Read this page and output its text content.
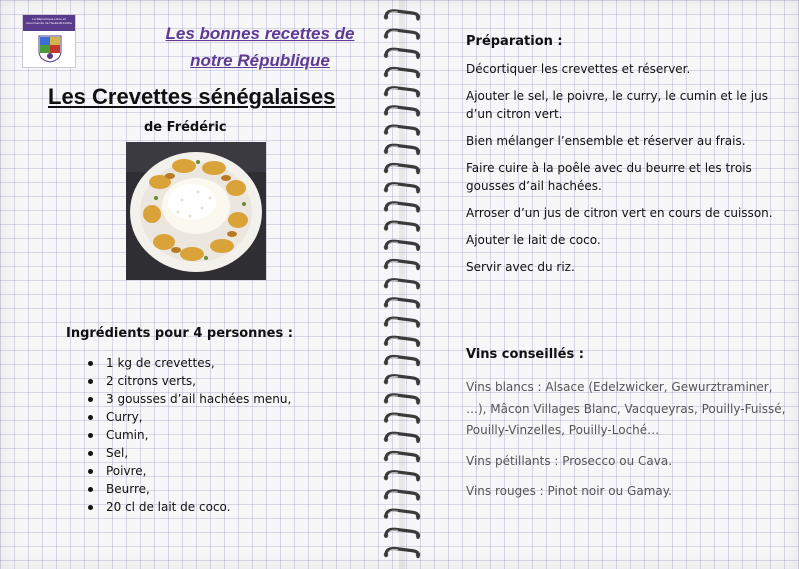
La République Libre et Gourmande de Haute-Brindille
Les bonnes recettes de
notre République
Les Crevettes sénégalaises
de Frédéric
Ingrédients pour 4 personnes :
1 kg de crevettes,
2 citrons verts,
3 gousses d’ail hachées menu,
Curry,
Cumin,
Sel,
Poivre,
Beurre,
20 cl de lait de coco.
Préparation :

Décortiquer les crevettes et réserver.

Ajouter le sel, le poivre, le curry, le cumin et le jus d’un citron vert.

Bien mélanger l’ensemble et réserver au frais.

Faire cuire à la poêle avec du beurre et les trois gousses d’ail hachées.

Arroser d’un jus de citron vert en cours de cuisson.

Ajouter le lait de coco.

Servir avec du riz.

Vins conseillés :

Vins blancs : Alsace (Edelzwicker, Gewurztraminer, …), Mâcon Villages Blanc, Vacqueyras, Pouilly-Fuissé, Pouilly-Vinzelles, Pouilly-Loché…

Vins pétillants : Prosecco ou Cava.

Vins rouges : Pinot noir ou Gamay.
